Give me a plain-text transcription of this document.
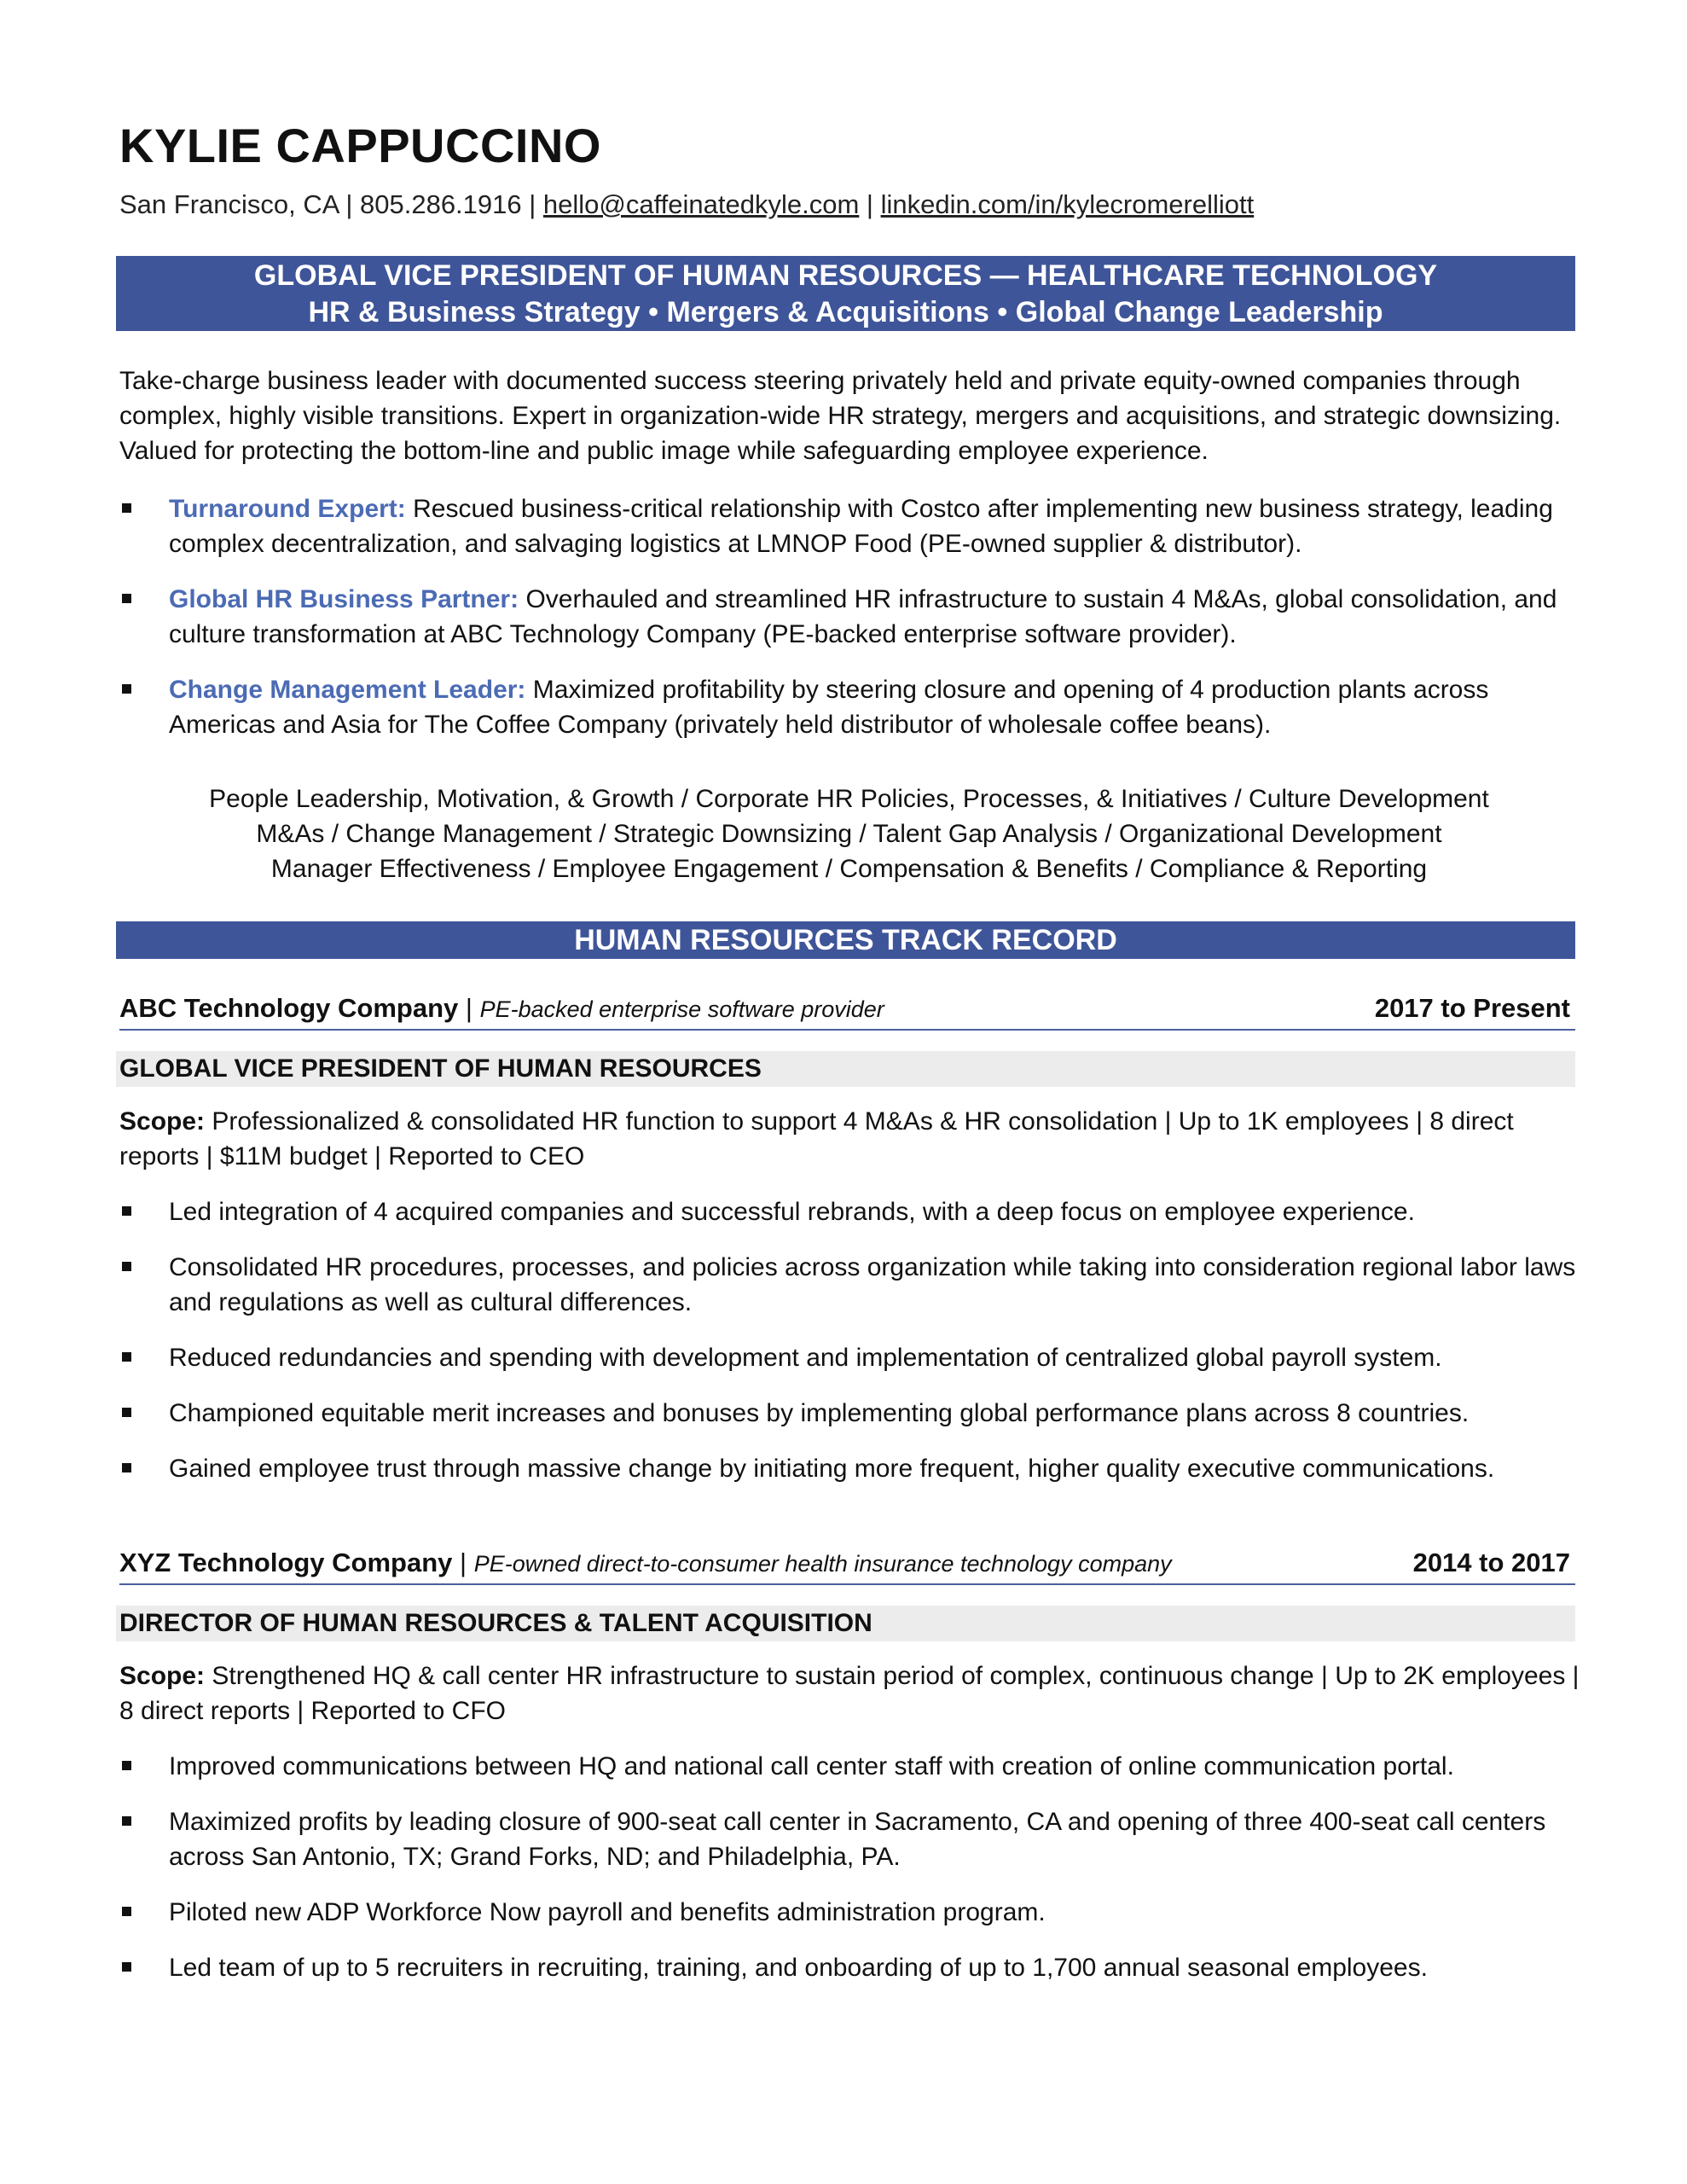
KYLIE CAPPUCCINO
San Francisco, CA | 805.286.1916 | hello@caffeinatedkyle.com | linkedin.com/in/kylecromerelliott
GLOBAL VICE PRESIDENT OF HUMAN RESOURCES — HEALTHCARE TECHNOLOGY
HR & Business Strategy • Mergers & Acquisitions • Global Change Leadership
Take-charge business leader with documented success steering privately held and private equity-owned companies through complex, highly visible transitions. Expert in organization-wide HR strategy, mergers and acquisitions, and strategic downsizing. Valued for protecting the bottom-line and public image while safeguarding employee experience.
Turnaround Expert: Rescued business-critical relationship with Costco after implementing new business strategy, leading complex decentralization, and salvaging logistics at LMNOP Food (PE-owned supplier & distributor).
Global HR Business Partner: Overhauled and streamlined HR infrastructure to sustain 4 M&As, global consolidation, and culture transformation at ABC Technology Company (PE-backed enterprise software provider).
Change Management Leader: Maximized profitability by steering closure and opening of 4 production plants across Americas and Asia for The Coffee Company (privately held distributor of wholesale coffee beans).
People Leadership, Motivation, & Growth / Corporate HR Policies, Processes, & Initiatives / Culture Development
M&As / Change Management / Strategic Downsizing / Talent Gap Analysis / Organizational Development
Manager Effectiveness / Employee Engagement / Compensation & Benefits / Compliance & Reporting
HUMAN RESOURCES TRACK RECORD
ABC Technology Company | PE-backed enterprise software provider	2017 to Present
GLOBAL VICE PRESIDENT OF HUMAN RESOURCES
Scope: Professionalized & consolidated HR function to support 4 M&As & HR consolidation | Up to 1K employees | 8 direct reports | $11M budget | Reported to CEO
Led integration of 4 acquired companies and successful rebrands, with a deep focus on employee experience.
Consolidated HR procedures, processes, and policies across organization while taking into consideration regional labor laws and regulations as well as cultural differences.
Reduced redundancies and spending with development and implementation of centralized global payroll system.
Championed equitable merit increases and bonuses by implementing global performance plans across 8 countries.
Gained employee trust through massive change by initiating more frequent, higher quality executive communications.
XYZ Technology Company | PE-owned direct-to-consumer health insurance technology company	2014 to 2017
DIRECTOR OF HUMAN RESOURCES & TALENT ACQUISITION
Scope: Strengthened HQ & call center HR infrastructure to sustain period of complex, continuous change | Up to 2K employees | 8 direct reports | Reported to CFO
Improved communications between HQ and national call center staff with creation of online communication portal.
Maximized profits by leading closure of 900-seat call center in Sacramento, CA and opening of three 400-seat call centers across San Antonio, TX; Grand Forks, ND; and Philadelphia, PA.
Piloted new ADP Workforce Now payroll and benefits administration program.
Led team of up to 5 recruiters in recruiting, training, and onboarding of up to 1,700 annual seasonal employees.
